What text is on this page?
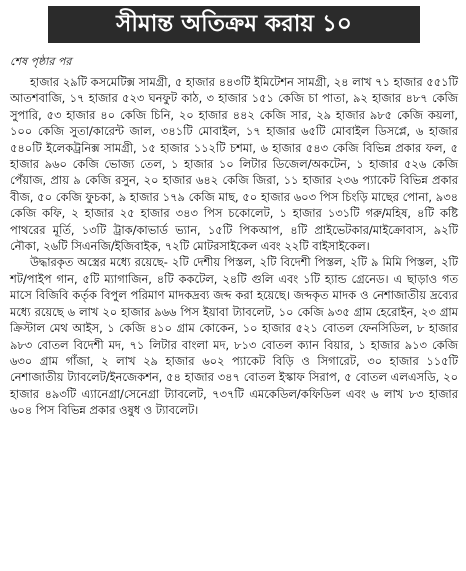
সীমান্ত অতিক্রম করায় ১০
শেষ পৃষ্ঠার পর

হাজার ২৯টি কসমেটিক্স সামগ্রী, ৫ হাজার ৪৪৩টি ইমিটেশন সামগ্রী, ২৪ লাখ ৭১ হাজার ৫৫১টি আতশবাজি, ১৭ হাজার ৫২৩ ঘনফুট কাঠ, ৩ হাজার ১৫১ কেজি চা পাতা, ৯২ হাজার ৪৮৭ কেজি সুপারি, ৫৩ হাজার ৪০ কেজি চিনি, ২০ হাজার ৪৪২ কেজি সার, ২৯ হাজার ৯৮৫ কেজি কয়লা, ১০০ কেজি সুতা/কারেন্ট জাল, ৩৪১টি মোবাইল, ১৭ হাজার ৬৫টি মোবাইল ডিসপ্লে, ৬ হাজার ৫৪০টি ইলেকট্রনিক্স সামগ্রী, ১৫ হাজার ১১২টি চশমা, ৬ হাজার ৫৪৩ কেজি বিভিন্ন প্রকার ফল, ৫ হাজার ৯৬০ কেজি ভোজ্য তেল, ১ হাজার ১০ লিটার ডিজেল/অকটেন, ১ হাজার ৫২৬ কেজি পেঁয়াজ, প্রায় ৯ কেজি রসুন, ২০ হাজার ৬৪২ কেজি জিরা, ১১ হাজার ২৩৬ প্যাকেট বিভিন্ন প্রকার বীজ, ৫০ কেজি ফুচকা, ৯ হাজার ১৭৯ কেজি মাছ, ৫০ হাজার ৬০৩ পিস চিংড়ি মাছের পোনা, ৯৩৪ কেজি কফি, ২ হাজার ২৫ হাজার ৩৪৩ পিস চকোলেট, ১ হাজার ১৩১টি গরু/মহিষ, ৪টি কষ্টি পাথরের মূর্তি, ১৩টি ট্রাক/কাভার্ড ভ্যান, ১৫টি পিকআপ, ৪টি প্রাইভেটকার/মাইক্রোবাস, ৯২টি নৌকা, ২৬টি সিএনজি/ইজিবাইক, ৭২টি মোটরসাইকেল এবং ২২টি বাইসাইকেল।

উদ্ধারকৃত অস্ত্রের মধ্যে রয়েছে- ২টি দেশীয় পিস্তল, ২টি বিদেশী পিস্তল, ২টি ৯ মিমি পিস্তল, ২টি শট/পাইপ গান, ৫টি ম্যাগাজিন, ৪টি ককটেল, ২৪টি গুলি এবং ১টি হ্যান্ড গ্রেনেড। এ ছাড়াও গত মাসে বিজিবি কর্তৃক বিপুল পরিমাণ মাদকদ্রব্য জব্দ করা হয়েছে। জব্দকৃত মাদক ও নেশাজাতীয় দ্রব্যের মধ্যে রয়েছে ৬ লাখ ২০ হাজার ৯৬৬ পিস ইয়াবা ট্যাবলেট, ১০ কেজি ৯৩৫ গ্রাম হেরোইন, ২৩ গ্রাম ক্রিস্টাল মেথ আইস, ১ কেজি ৪১০ গ্রাম কোকেন, ১০ হাজার ৫২১ বোতল ফেনসিডিল, ৮ হাজার ৯৮৩ বোতল বিদেশী মদ, ৭১ লিটার বাংলা মদ, ৮১৩ বোতল ক্যান বিয়ার, ১ হাজার ৯১৩ কেজি ৬৩০ গ্রাম গাঁজা, ২ লাখ ২৯ হাজার ৬০২ প্যাকেট বিড়ি ও সিগারেট, ৩০ হাজার ১১৫টি নেশাজাতীয় ট্যাবলেট/ইনজেকশন, ৫৪ হাজার ৩৪৭ বোতল ইস্কাফ সিরাপ, ৫ বোতল এলএসডি, ২০ হাজার ৪৯৩টি এ্যানেগ্রা/সেনেগ্রা ট্যাবলেট, ৭৩৭টি এমকেডিল/কফিডিল এবং ৬ লাখ ৮৩ হাজার ৬০৪ পিস বিভিন্ন প্রকার ওষুধ ও ট্যাবলেট।
